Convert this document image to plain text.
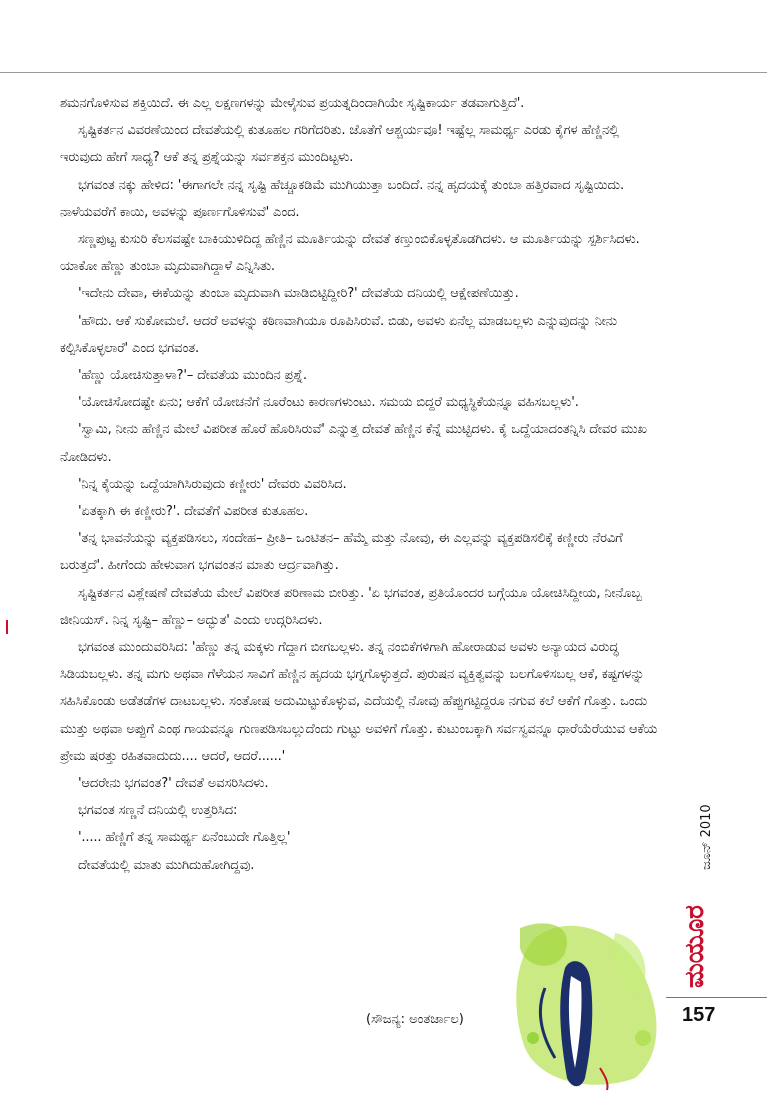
ಶಮನಗೊಳಿಸುವ ಶಕ್ತಿಯಿದೆ. ಈ ಎಲ್ಲ ಲಕ್ಷಣಗಳನ್ನು ಮೇಳೈಸುವ ಪ್ರಯತ್ನದಿಂದಾಗಿಯೇ ಸೃಷ್ಟಿಕಾರ್ಯ ತಡವಾಗುತ್ತಿದೆ'.

ಸೃಷ್ಟಿಕರ್ತನ ವಿವರಣೆಯಿಂದ ದೇವತೆಯಲ್ಲಿ ಕುತೂಹಲ ಗರಿಗೆದರಿತು. ಜೊತೆಗೆ ಆಶ್ಚರ್ಯವೂ! ಇಷ್ಟೆಲ್ಲ ಸಾಮರ್ಥ್ಯ ಎರಡು ಕೈಗಳ ಹೆಣ್ಣಿನಲ್ಲಿ ಇರುವುದು ಹೇಗೆ ಸಾಧ್ಯ? ಆಕೆ ತನ್ನ ಪ್ರಶ್ನೆಯನ್ನು ಸರ್ವಶಕ್ತನ ಮುಂದಿಟ್ಟಳು.

ಭಗವಂತ ನಕ್ಕು ಹೇಳಿದ: 'ಈಗಾಗಲೇ ನನ್ನ ಸೃಷ್ಟಿ ಹೆಚ್ಚೂಕಡಿಮೆ ಮುಗಿಯುತ್ತಾ ಬಂದಿದೆ. ನನ್ನ ಹೃದಯಕ್ಕೆ ತುಂಬಾ ಹತ್ತಿರವಾದ ಸೃಷ್ಟಿಯಿದು. ನಾಳೆಯವರೆಗೆ ಕಾಯಿ, ಅವಳನ್ನು ಪೂರ್ಣಗೊಳಿಸುವೆ' ಎಂದ.

ಸಣ್ಣಪುಟ್ಟ ಕುಸುರಿ ಕೆಲಸವಷ್ಟೇ ಬಾಕಿಯುಳಿದಿದ್ದ ಹೆಣ್ಣಿನ ಮೂರ್ತಿಯನ್ನು ದೇವತೆ ಕಣ್ತುಂಬಿಕೊಳ್ಳತೊಡಗಿದಳು. ಆ ಮೂರ್ತಿಯನ್ನು ಸ್ಪರ್ಶಿಸಿದಳು. ಯಾಕೋ ಹೆಣ್ಣು ತುಂಬಾ ಮೃದುವಾಗಿದ್ದಾಳೆ ಎನ್ನಿಸಿತು.

'ಇದೇನು ದೇವಾ, ಈಕೆಯನ್ನು ತುಂಬಾ ಮೃದುವಾಗಿ ಮಾಡಿಬಿಟ್ಟಿದ್ದೀರಿ?' ದೇವತೆಯ ದನಿಯಲ್ಲಿ ಆಕ್ಷೇಪಣೆಯಿತ್ತು.

'ಹೌದು. ಆಕೆ ಸುಕೋಮಲೆ. ಆದರೆ ಅವಳನ್ನು ಕಠಿಣವಾಗಿಯೂ ರೂಪಿಸಿರುವೆ. ಬಿಡು, ಅವಳು ಏನೆಲ್ಲ ಮಾಡಬಲ್ಲಳು ಎನ್ನುವುದನ್ನು ನೀನು ಕಲ್ಪಿಸಿಕೊಳ್ಳಲಾರೆ' ಎಂದ ಭಗವಂತ.

'ಹೆಣ್ಣು ಯೋಚಿಸುತ್ತಾಳಾ?'– ದೇವತೆಯ ಮುಂದಿನ ಪ್ರಶ್ನೆ.

'ಯೋಚಿಸೋದಷ್ಟೇ ಏನು; ಆಕೆಗೆ ಯೋಚನೆಗೆ ನೂರೆಂಟು ಕಾರಣಗಳುಂಟು. ಸಮಯ ಬಿದ್ದರೆ ಮಧ್ಯಸ್ಥಿಕೆಯನ್ನೂ ವಹಿಸಬಲ್ಲಳು'.

'ಸ್ವಾಮಿ, ನೀನು ಹೆಣ್ಣಿನ ಮೇಲೆ ವಿಪರೀತ ಹೊರೆ ಹೊರಿಸಿರುವೆ' ಎನ್ನುತ್ತ ದೇವತೆ ಹೆಣ್ಣಿನ ಕೆನ್ನೆ ಮುಟ್ಟಿದಳು. ಕೈ ಒದ್ದೆಯಾದಂತನ್ನಿಸಿ ದೇವರ ಮುಖ ನೋಡಿದಳು.

'ನಿನ್ನ ಕೈಯನ್ನು ಒದ್ದೆಯಾಗಿಸಿರುವುದು ಕಣ್ಣೀರು' ದೇವರು ವಿವರಿಸಿದ.

'ಏತಕ್ಕಾಗಿ ಈ ಕಣ್ಣೀರು?'. ದೇವತೆಗೆ ವಿಪರೀತ ಕುತೂಹಲ.

'ತನ್ನ ಭಾವನೆಯನ್ನು ವ್ಯಕ್ತಪಡಿಸಲು, ಸಂದೇಹ– ಪ್ರೀತಿ– ಒಂಟಿತನ– ಹೆಮ್ಮೆ ಮತ್ತು ನೋವು, ಈ ಎಲ್ಲವನ್ನು ವ್ಯಕ್ತಪಡಿಸಲಿಕ್ಕೆ ಕಣ್ಣೀರು ನೆರವಿಗೆ ಬರುತ್ತದೆ'. ಹೀಗೆಂದು ಹೇಳುವಾಗ ಭಗವಂತನ ಮಾತು ಆರ್ದ್ರವಾಗಿತ್ತು.

ಸೃಷ್ಟಿಕರ್ತನ ವಿಶ್ಲೇಷಣೆ ದೇವತೆಯ ಮೇಲೆ ವಿಪರೀತ ಪರಿಣಾಮ ಬೀರಿತ್ತು. 'ಏ ಭಗವಂತ, ಪ್ರತಿಯೊಂದರ ಬಗ್ಗೆಯೂ ಯೋಚಿಸಿದ್ದೀಯ, ನೀನೊಬ್ಬ ಜೀನಿಯಸ್. ನಿನ್ನ ಸೃಷ್ಟಿ– ಹೆಣ್ಣು– ಅದ್ಭುತ' ಎಂದು ಉದ್ಗರಿಸಿದಳು.

ಭಗವಂತ ಮುಂದುವರಿಸಿದ: 'ಹೆಣ್ಣು ತನ್ನ ಮಕ್ಕಳು ಗೆದ್ದಾಗ ಬೀಗಬಲ್ಲಳು. ತನ್ನ ನಂಬಿಕೆಗಳಿಗಾಗಿ ಹೋರಾಡುವ ಅವಳು ಅನ್ಯಾಯದ ವಿರುದ್ಧ ಸಿಡಿಯಬಲ್ಲಳು. ತನ್ನ ಮಗು ಅಥವಾ ಗೆಳೆಯನ ಸಾವಿಗೆ ಹೆಣ್ಣಿನ ಹೃದಯ ಭಗ್ನಗೊಳ್ಳುತ್ತದೆ. ಪುರುಷನ ವ್ಯಕ್ತಿತ್ವವನ್ನು ಬಲಗೊಳಿಸಬಲ್ಲ ಆಕೆ, ಕಷ್ಟಗಳನ್ನು ಸಹಿಸಿಕೊಂಡು ಅಡೆತಡೆಗಳ ದಾಟಬಲ್ಲಳು. ಸಂತೋಷ ಅದುಮಿಟ್ಟುಕೊಳ್ಳುವ, ಎದೆಯಲ್ಲಿ ನೋವು ಹೆಪ್ಪುಗಟ್ಟಿದ್ದರೂ ನಗುವ ಕಲೆ ಆಕೆಗೆ ಗೊತ್ತು. ಒಂದು ಮುತ್ತು ಅಥವಾ ಅಪ್ಪುಗೆ ಎಂಥ ಗಾಯವನ್ನೂ ಗುಣಪಡಿಸಬಲ್ಲುದೆಂದು ಗುಟ್ಟು ಅವಳಿಗೆ ಗೊತ್ತು. ಕುಟುಂಬಕ್ಕಾಗಿ ಸರ್ವಸ್ವವನ್ನೂ ಧಾರೆಯೆರೆಯುವ ಆಕೆಯ ಪ್ರೇಮ ಷರತ್ತು ರಹಿತವಾದುದು.... ಆದರೆ, ಆದರೆ......'

'ಆದರೇನು ಭಗವಂತ?' ದೇವತೆ ಅವಸರಿಸಿದಳು.

ಭಗವಂತ ಸಣ್ಣನೆ ದನಿಯಲ್ಲಿ ಉತ್ತರಿಸಿದ:

'..... ಹೆಣ್ಣಿಗೆ ತನ್ನ ಸಾಮರ್ಥ್ಯ ಏನೆಂಬುದೇ ಗೊತ್ತಿಲ್ಲ'

ದೇವತೆಯಲ್ಲಿ ಮಾತು ಮುಗಿದುಹೋಗಿದ್ದವು.

(ಸೌಜನ್ಯ: ಅಂತರ್ಜಾಲ)
ಜೂನ್ 2010
ಮಯೂರ
157
